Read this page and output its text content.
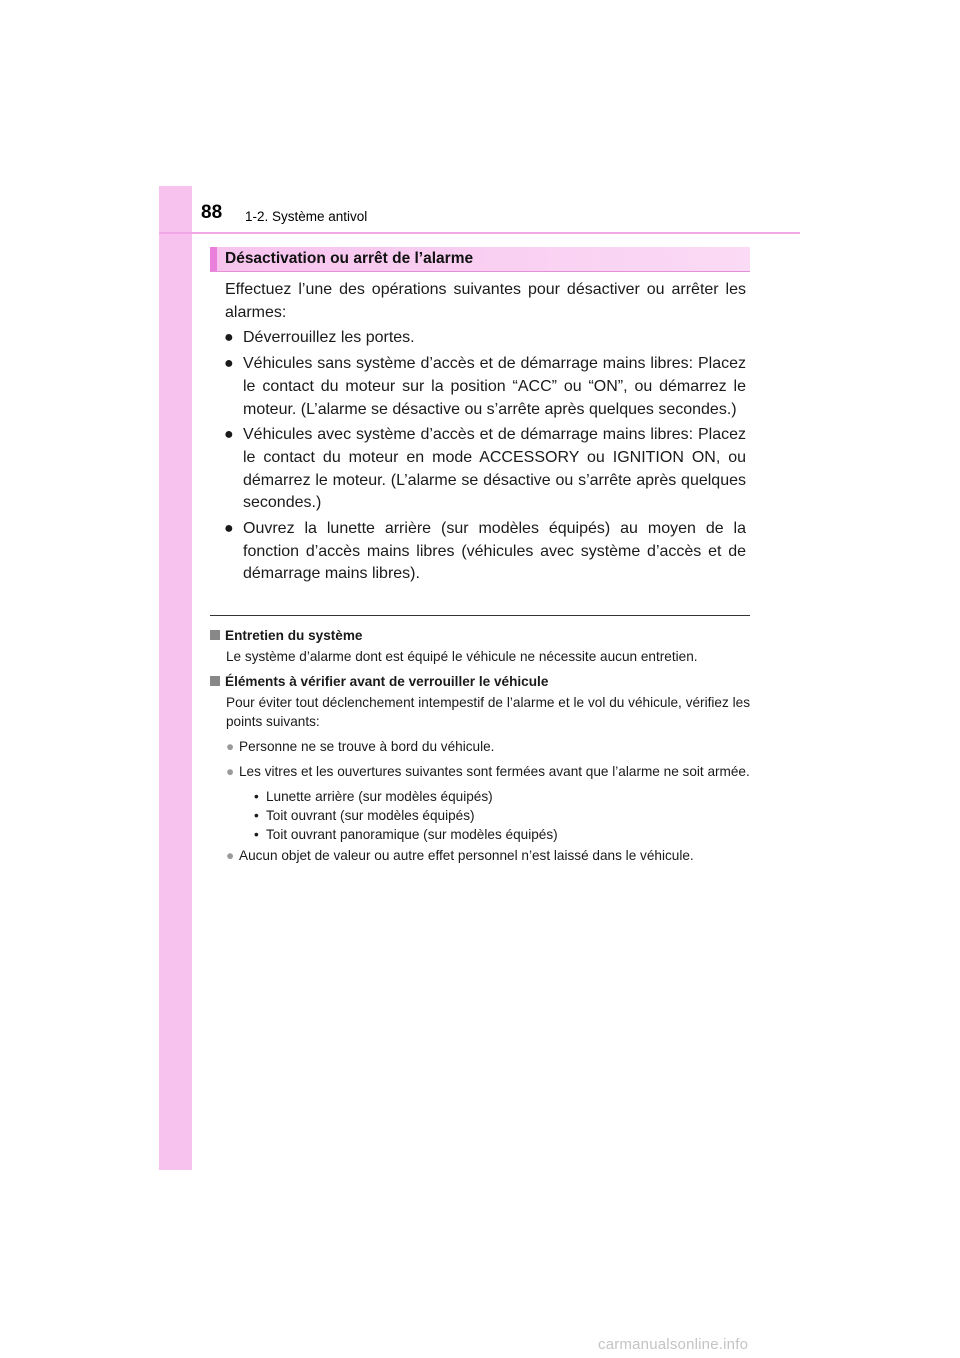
88 1-2. Système antivol
Désactivation ou arrêt de l’alarme

Effectuez l’une des opérations suivantes pour désactiver ou arrêter les alarmes:

● Déverrouillez les portes.
● Véhicules sans système d’accès et de démarrage mains libres: Placez le contact du moteur sur la position “ACC” ou “ON”, ou démarrez le moteur. (L’alarme se désactive ou s’arrête après quelques secondes.)
● Véhicules avec système d’accès et de démarrage mains libres: Placez le contact du moteur en mode ACCESSORY ou IGNITION ON, ou démarrez le moteur. (L’alarme se désactive ou s’arrête après quelques secondes.)
● Ouvrez la lunette arrière (sur modèles équipés) au moyen de la fonction d’accès mains libres (véhicules avec système d’accès et de démarrage mains libres).
Entretien du système
Le système d’alarme dont est équipé le véhicule ne nécessite aucun entretien.
Éléments à vérifier avant de verrouiller le véhicule
Pour éviter tout déclenchement intempestif de l’alarme et le vol du véhicule, vérifiez les points suivants:
● Personne ne se trouve à bord du véhicule.
● Les vitres et les ouvertures suivantes sont fermées avant que l’alarme ne soit armée.
• Lunette arrière (sur modèles équipés)
• Toit ouvrant (sur modèles équipés)
• Toit ouvrant panoramique (sur modèles équipés)
● Aucun objet de valeur ou autre effet personnel n’est laissé dans le véhicule.
carmanualsonline.info
